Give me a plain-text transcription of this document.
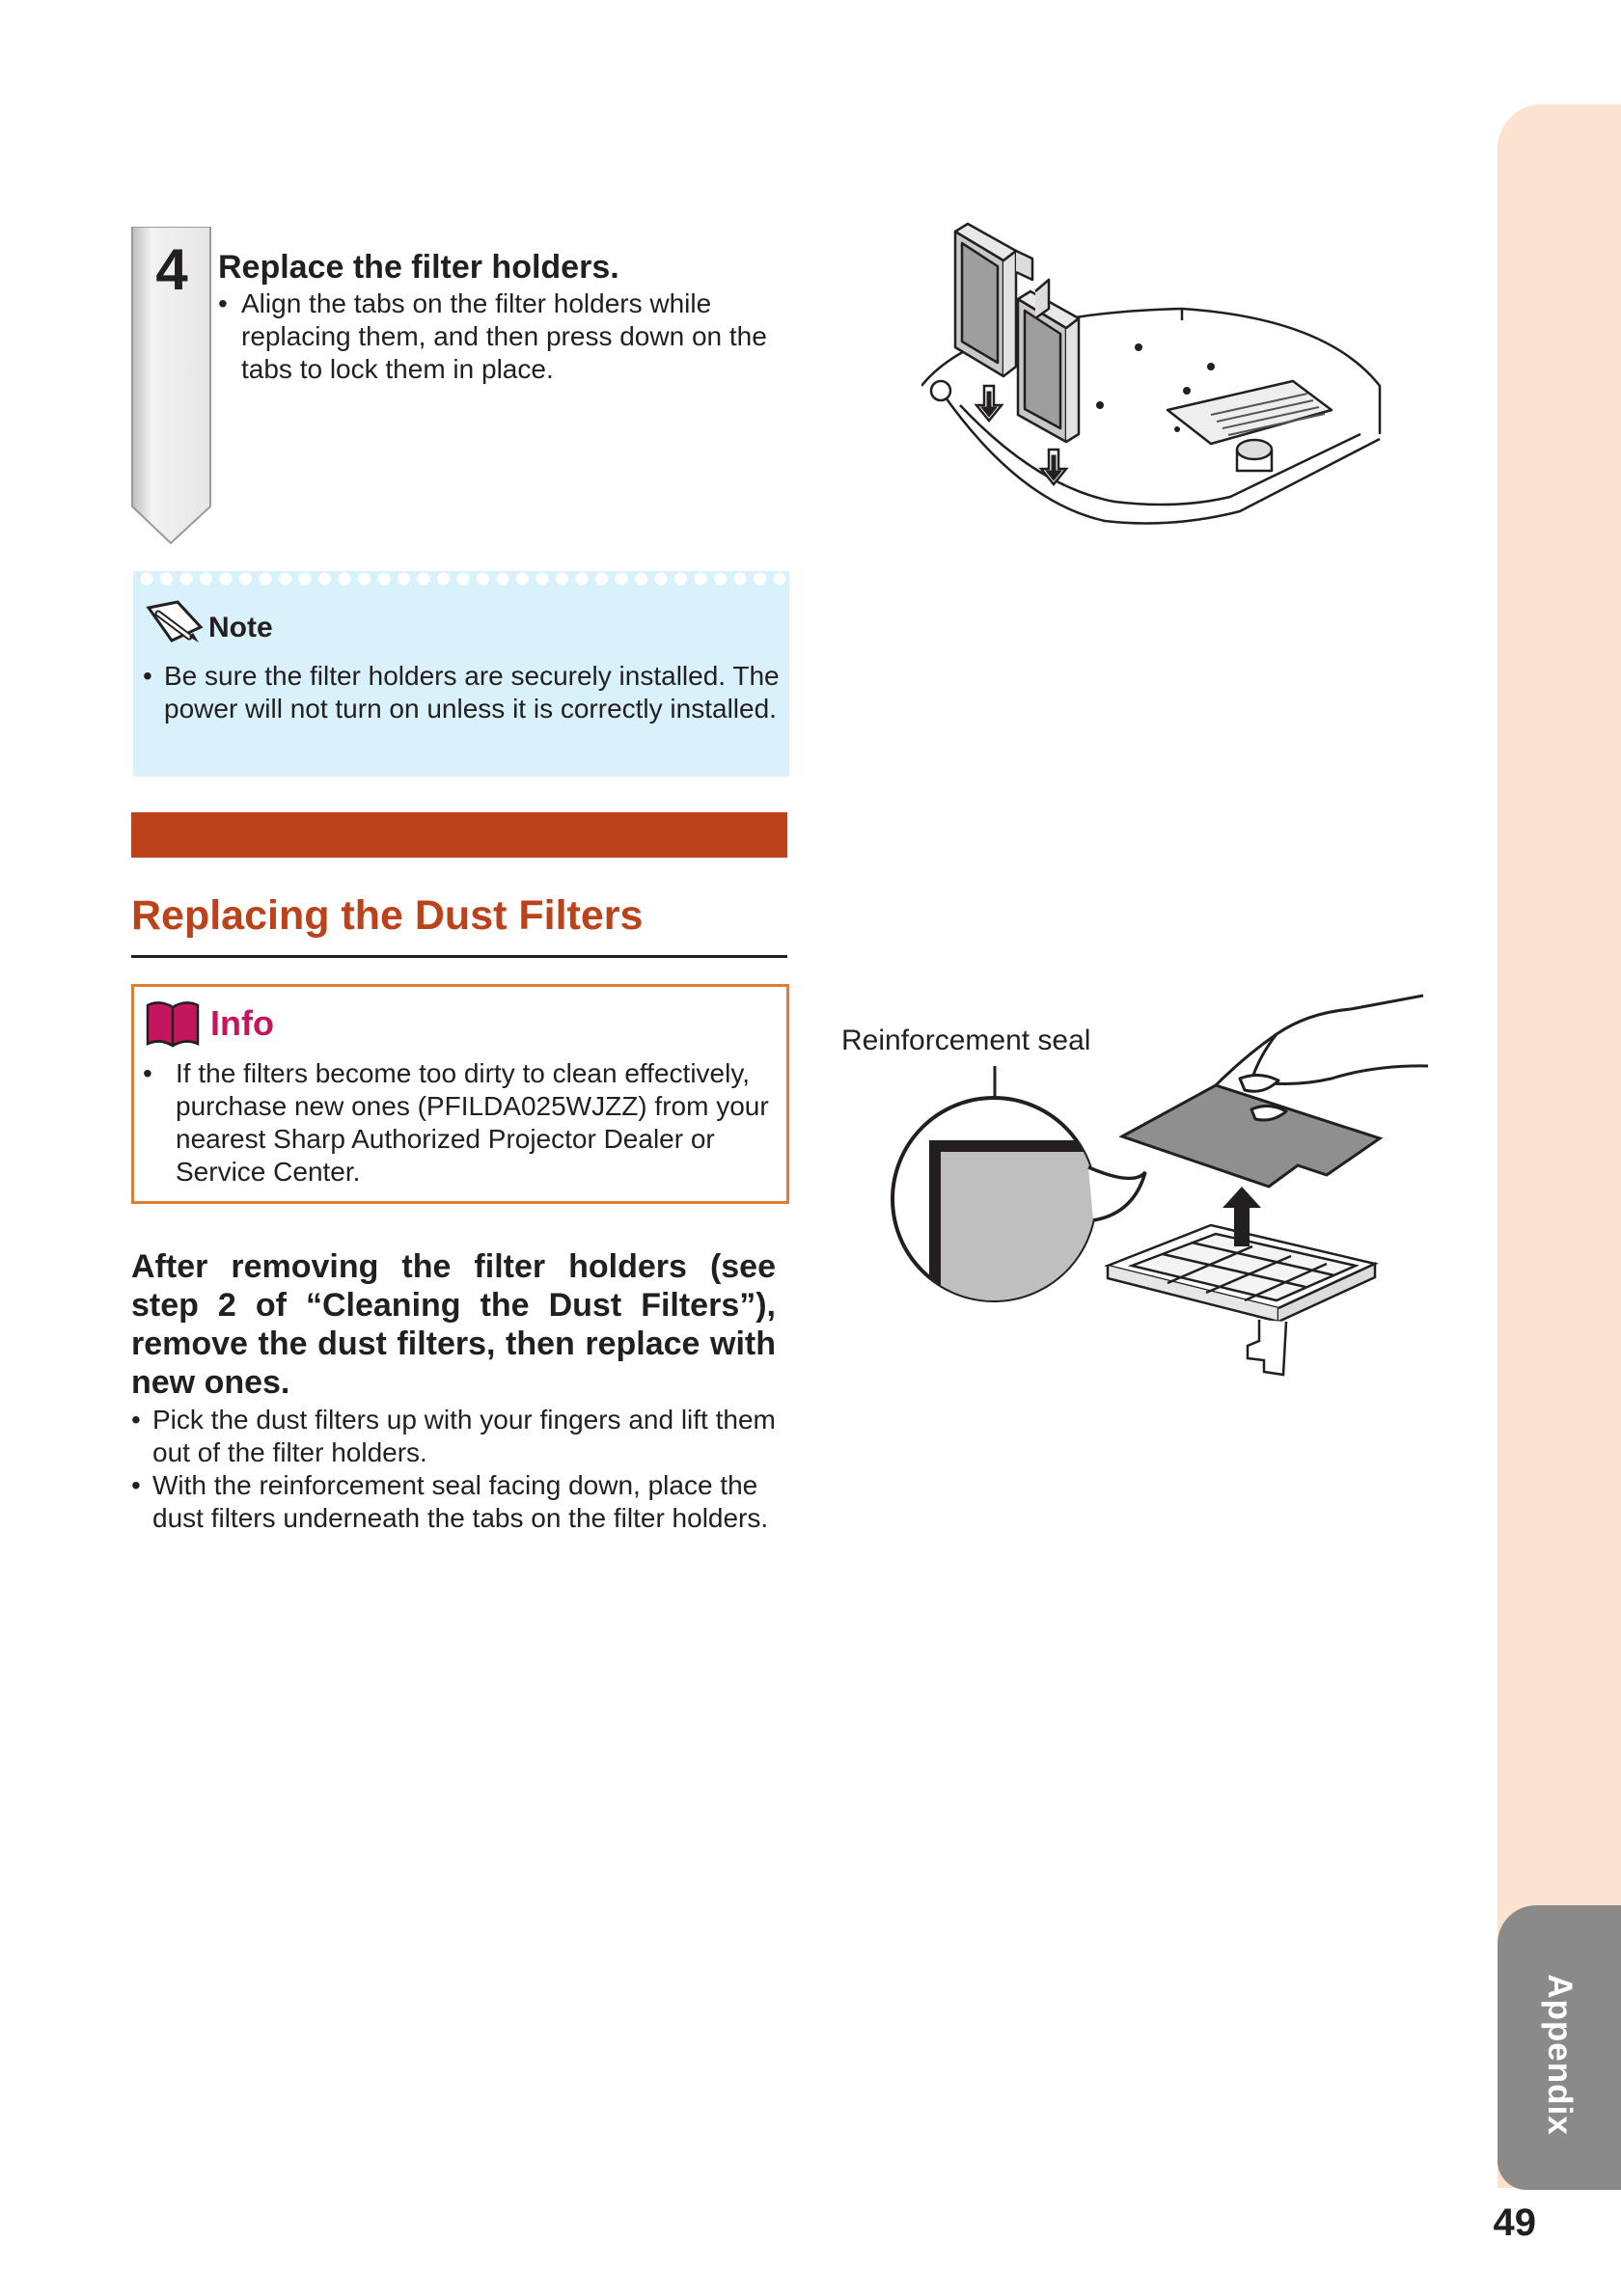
Appendix
49
4 Replace the filter holders.
• Align the tabs on the filter holders while replacing them, and then press down on the tabs to lock them in place.
Note
• Be sure the filter holders are securely installed. The power will not turn on unless it is correctly installed.
Replacing the Dust Filters
Info
• If the filters become too dirty to clean effectively, purchase new ones (PFILDA025WJZZ) from your nearest Sharp Authorized Projector Dealer or Service Center.
After removing the filter holders (see step 2 of “Cleaning the Dust Filters”), remove the dust filters, then replace with new ones.
• Pick the dust filters up with your fingers and lift them out of the filter holders.
• With the reinforcement seal facing down, place the dust filters underneath the tabs on the filter holders.
Reinforcement seal
